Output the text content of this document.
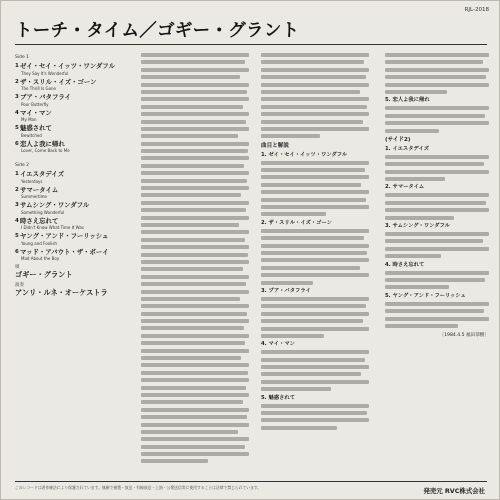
RJL-2018
トーチ・タイム／ゴギー・グラント
Side 1
1 ゼイ・セイ・イッツ・ワンダフル
They Say It's Wonderful
2 ザ・スリル・イズ・ゴーン
The Thrill Is Gone
3 ブア・バタフライ
Poor Butterfly
4 マイ・マン
My Man
5 魅惑されて
Bewitched
6 恋人よ我に帰れ
Lover, Come Back to Me
Side 2
1 イエスタデイズ
Yesterdays
2 サマータイム
Summertime
3 サムシング・ワンダフル
Something Wonderful
4 時さえ忘れて
I Didn't Know What Time It Was
5 ヤング・アンド・フーリッシュ
Young and Foolish
6 マッド・アバウト・ザ・ボーイ
Mad About the Boy
唄
ゴギー・グラント
演奏
アンリ・ルネ・オーケストラ
曲目と解説
1. ゼイ・セイ・イッツ・ワンダフル
2. ザ・スリル・イズ・ゴーン
3. プア・バタフライ
4. マイ・マン
5. 魅惑されて
5. 恋人よ我に帰れ
(サイド2)
1. イエスタデイズ
2. サマータイム
3. サムシング・ワンダフル
4. 時さえ忘れて
5. ヤング・アンド・フーリッシュ
〔1984.4.5 福田恭樹〕
このレコードは著作権法により保護されています。無断で複製・放送・有線放送・上演・公衆送信等に使用することは法律で禁じられています。	発売元 RVC株式会社
